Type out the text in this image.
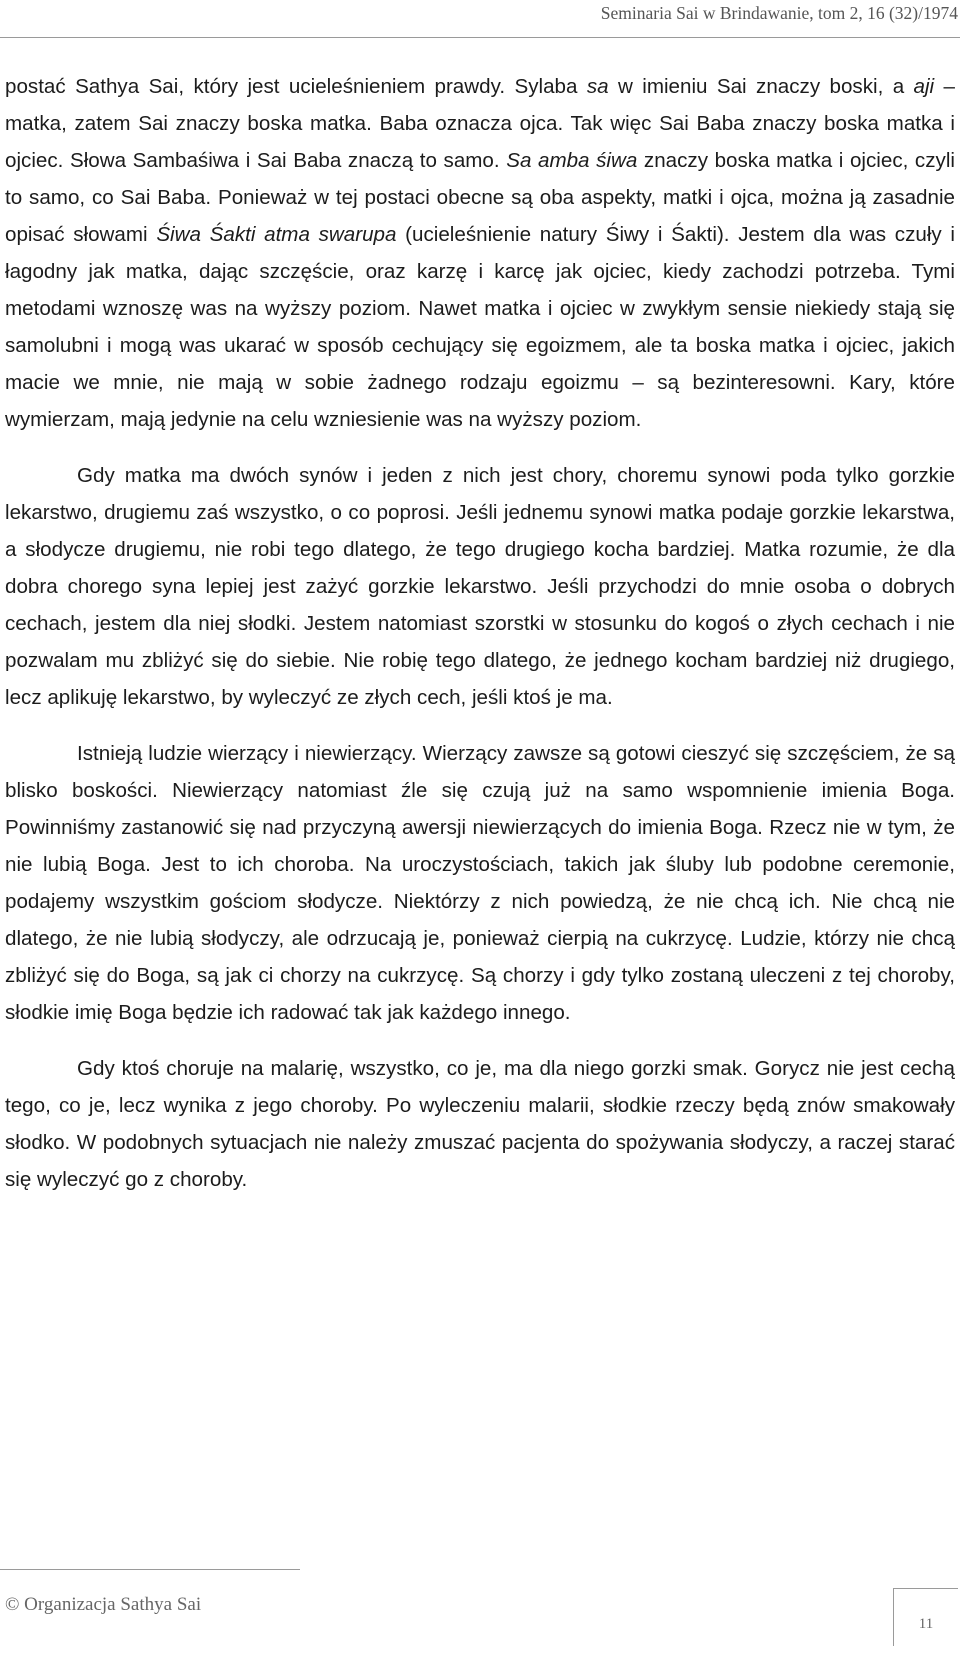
Seminaria Sai w Brindawanie, tom 2, 16 (32)/1974

postać Sathya Sai, który jest ucieleśnieniem prawdy. Sylaba sa w imieniu Sai znaczy boski, a aji – matka, zatem Sai znaczy boska matka. Baba oznacza ojca. Tak więc Sai Baba znaczy boska matka i ojciec. Słowa Sambaśiwa i Sai Baba znaczą to samo. Sa amba śiwa znaczy boska matka i ojciec, czyli to samo, co Sai Baba. Ponieważ w tej postaci obecne są oba aspekty, matki i ojca, można ją zasadnie opisać słowami Śiwa Śakti atma swarupa (ucieleśnienie natury Śiwy i Śakti). Jestem dla was czuły i łagodny jak matka, dając szczęście, oraz karzę i karcę jak ojciec, kiedy zachodzi potrzeba. Tymi metodami wznoszę was na wyższy poziom. Nawet matka i ojciec w zwykłym sensie niekiedy stają się samolubni i mogą was ukarać w sposób cechujący się egoizmem, ale ta boska matka i ojciec, jakich macie we mnie, nie mają w sobie żadnego rodzaju egoizmu – są bezinteresowni. Kary, które wymierzam, mają jedynie na celu wzniesienie was na wyższy poziom.

Gdy matka ma dwóch synów i jeden z nich jest chory, choremu synowi poda tylko gorzkie lekarstwo, drugiemu zaś wszystko, o co poprosi. Jeśli jednemu synowi matka podaje gorzkie lekarstwa, a słodycze drugiemu, nie robi tego dlatego, że tego drugiego kocha bardziej. Matka rozumie, że dla dobra chorego syna lepiej jest zażyć gorzkie lekarstwo. Jeśli przychodzi do mnie osoba o dobrych cechach, jestem dla niej słodki. Jestem natomiast szorstki w stosunku do kogoś o złych cechach i nie pozwalam mu zbliżyć się do siebie. Nie robię tego dlatego, że jednego kocham bardziej niż drugiego, lecz aplikuję lekarstwo, by wyleczyć ze złych cech, jeśli ktoś je ma.

Istnieją ludzie wierzący i niewierzący. Wierzący zawsze są gotowi cieszyć się szczęściem, że są blisko boskości. Niewierzący natomiast źle się czują już na samo wspomnienie imienia Boga. Powinniśmy zastanowić się nad przyczyną awersji niewierzących do imienia Boga. Rzecz nie w tym, że nie lubią Boga. Jest to ich choroba. Na uroczystościach, takich jak śluby lub podobne ceremonie, podajemy wszystkim gościom słodycze. Niektórzy z nich powiedzą, że nie chcą ich. Nie chcą nie dlatego, że nie lubią słodyczy, ale odrzucają je, ponieważ cierpią na cukrzycę. Ludzie, którzy nie chcą zbliżyć się do Boga, są jak ci chorzy na cukrzycę. Są chorzy i gdy tylko zostaną uleczeni z tej choroby, słodkie imię Boga będzie ich radować tak jak każdego innego.

Gdy ktoś choruje na malarię, wszystko, co je, ma dla niego gorzki smak. Gorycz nie jest cechą tego, co je, lecz wynika z jego choroby. Po wyleczeniu malarii, słodkie rzeczy będą znów smakowały słodko. W podobnych sytuacjach nie należy zmuszać pacjenta do spożywania słodyczy, a raczej starać się wyleczyć go z choroby.

© Organizacja Sathya Sai
11
